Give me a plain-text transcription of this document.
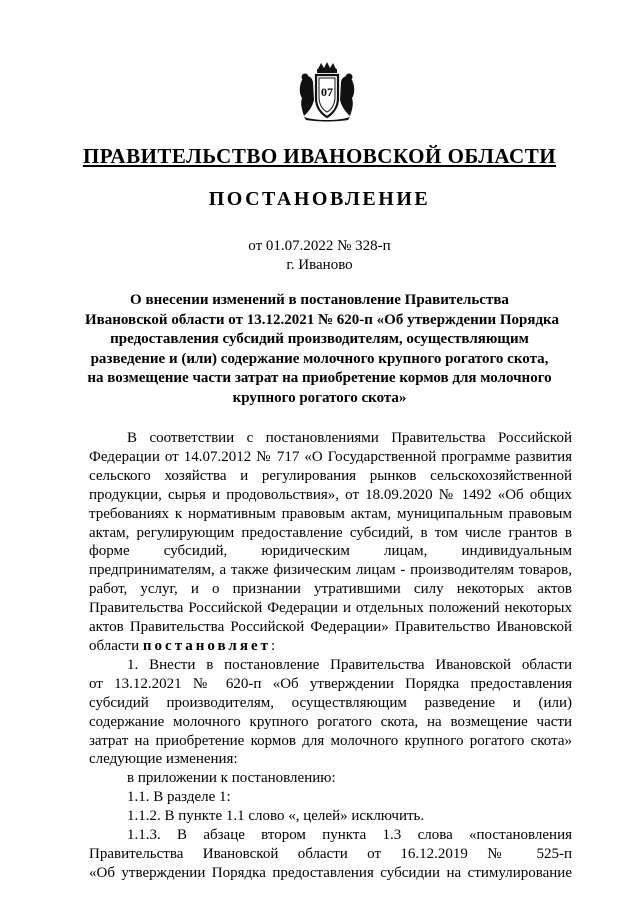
07
ПРАВИТЕЛЬСТВО ИВАНОВСКОЙ ОБЛАСТИ
ПОСТАНОВЛЕНИЕ
от 01.07.2022 № 328-п
г. Иваново
О внесении изменений в постановление Правительства
Ивановской области от 13.12.2021 № 620-п «Об утверждении Порядка
предоставления субсидий производителям, осуществляющим
разведение и (или) содержание молочного крупного рогатого скота,
на возмещение части затрат на приобретение кормов для молочного
крупного рогатого скота»
В соответствии с постановлениями Правительства Российской
Федерации от 14.07.2012 № 717 «О Государственной программе развития
сельского хозяйства и регулирования рынков сельскохозяйственной
продукции, сырья и продовольствия», от 18.09.2020 № 1492 «Об общих
требованиях к нормативным правовым актам, муниципальным правовым
актам, регулирующим предоставление субсидий, в том числе грантов в
форме субсидий, юридическим лицам, индивидуальным
предпринимателям, а также физическим лицам - производителям товаров,
работ, услуг, и о признании утратившими силу некоторых актов
Правительства Российской Федерации и отдельных положений некоторых
актов Правительства Российской Федерации» Правительство Ивановской
области постановляет:
1. Внести в постановление Правительства Ивановской области
от 13.12.2021 № 620-п «Об утверждении Порядка предоставления
субсидий производителям, осуществляющим разведение и (или)
содержание молочного крупного рогатого скота, на возмещение части
затрат на приобретение кормов для молочного крупного рогатого скота»
следующие изменения:
в приложении к постановлению:
1.1. В разделе 1:
1.1.2. В пункте 1.1 слово «, целей» исключить.
1.1.3. В абзаце втором пункта 1.3 слова «постановления
Правительства Ивановской области от 16.12.2019 № 525-п
«Об утверждении Порядка предоставления субсидии на стимулирование
